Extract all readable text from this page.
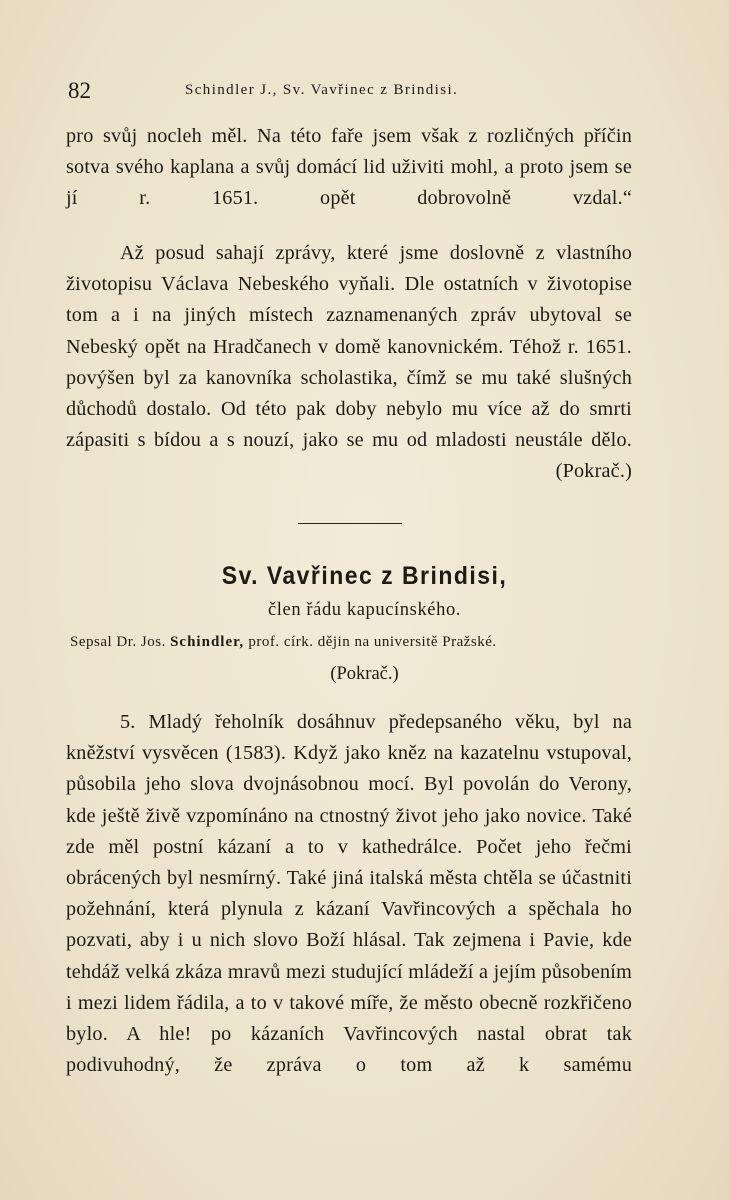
82	Schindler J., Sv. Vavřinec z Brindisi.

pro svůj nocleh měl. Na této faře jsem však z rozličných příčin sotva svého kaplana a svůj domácí lid uživiti mohl, a proto jsem se jí r. 1651. opět dobrovolně vzdal.“

Až posud sahají zprávy, které jsme doslovně z vlastního životopisu Václava Nebeského vyňali. Dle ostatních v životopise tom a i na jiných místech zaznamenaných zpráv ubytoval se Nebeský opět na Hradčanech v domě kanovnickém. Téhož r. 1651. povýšen byl za kanovníka scholastika, čímž se mu také slušných důchodů dostalo. Od této pak doby nebylo mu více až do smrti zápasiti s bídou a s nouzí, jako se mu od mladosti neustále dělo.
(Pokrač.)

Sv. Vavřinec z Brindisi,
člen řádu kapucínského.
Sepsal Dr. Jos. Schindler, prof. círk. dějin na universitě Pražské.
(Pokrač.)

5. Mladý řeholník dosáhnuv předepsaného věku, byl na kněžství vysvěcen (1583). Když jako kněz na kazatelnu vstupoval, působila jeho slova dvojnásobnou mocí. Byl povolán do Verony, kde ještě živě vzpomínáno na ctnostný život jeho jako novice. Také zde měl postní kázaní a to v kathedrálce. Počet jeho řečmi obrácených byl nesmírný. Také jiná italská města chtěla se účastniti požehnání, která plynula z kázaní Vavřincových a spěchala ho pozvati, aby i u nich slovo Boží hlásal. Tak zejmena i Pavie, kde tehdáž velká zkáza mravů mezi studující mládeží a jejím působením i mezi lidem řádila, a to v takové míře, že město obecně rozkřičeno bylo. A hle! po kázaních Vavřincových nastal obrat tak podivuhodný, že zpráva o tom až k samému
